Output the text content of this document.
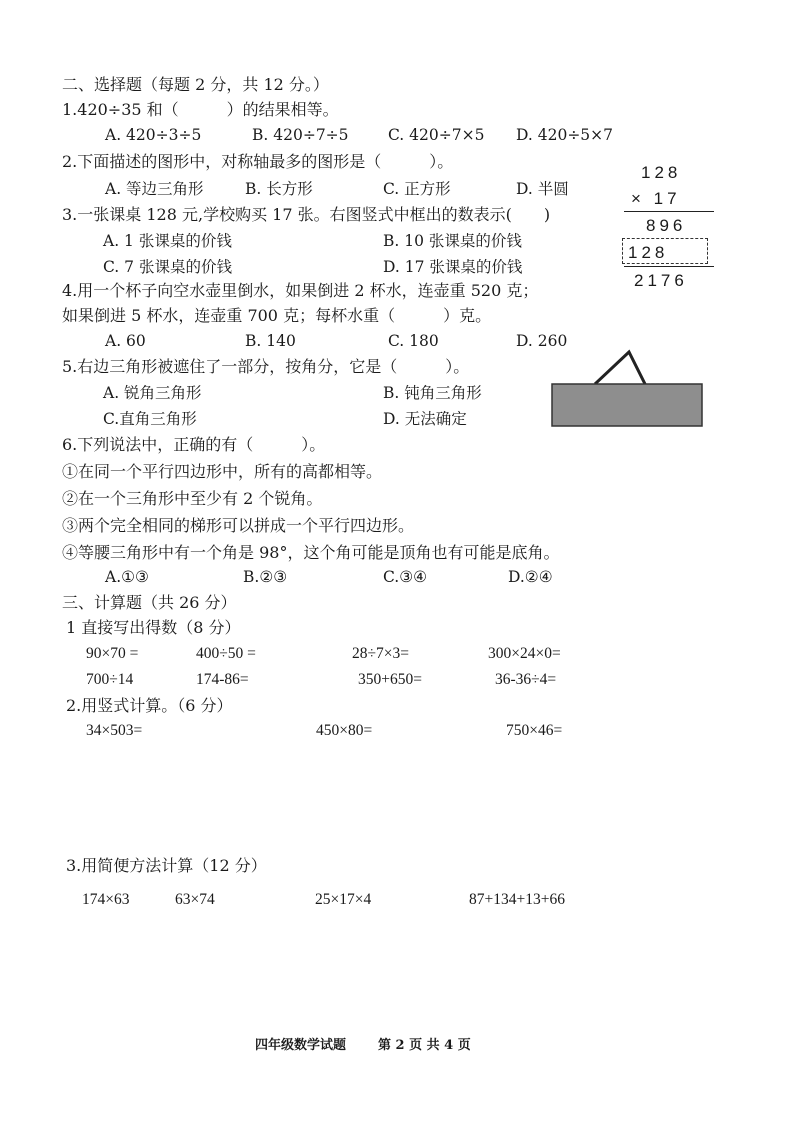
二、选择题（每题 2 分，共 12 分。）
1.420÷35 和（　　　）的结果相等。
A. 420÷3÷5	B. 420÷7÷5	C. 420÷7×5 D. 420÷5×7
2.下面描述的图形中，对称轴最多的图形是（　　　）。
A. 等边三角形	B. 长方形	C. 正方形	D. 半圆
3.一张课桌 128 元,学校购买 17 张。右图竖式中框出的数表示(　　)
A. 1 张课桌的价钱	B. 10 张课桌的价钱
C. 7 张课桌的价钱	D. 17 张课桌的价钱
128
× 17
896
128
2176
4.用一个杯子向空水壶里倒水，如果倒进 2 杯水，连壶重 520 克；
如果倒进 5 杯水，连壶重 700 克；每杯水重（　　　）克。
A. 60	B. 140	C. 180	D. 260
5.右边三角形被遮住了一部分，按角分，它是（　　　）。
A. 锐角三角形	B. 钝角三角形
C.直角三角形	D. 无法确定
6.下列说法中，正确的有（　　　）。
①在同一个平行四边形中，所有的高都相等。
②在一个三角形中至少有 2 个锐角。
③两个完全相同的梯形可以拼成一个平行四边形。
④等腰三角形中有一个角是 98°，这个角可能是顶角也有可能是底角。
A.①③	B.②③	C.③④	D.②④
三、计算题（共 26 分）
1 直接写出得数（8 分）
90×70 =	400÷50 =	28÷7×3=	300×24×0=
700÷14	174-86=	350+650=	36-36÷4=
2.用竖式计算。（6 分）
34×503=	450×80=	750×46=
3.用简便方法计算（12 分）
174×63	63×74	25×17×4	87+134+13+66
四年级数学试题 第 2 页 共 4 页
